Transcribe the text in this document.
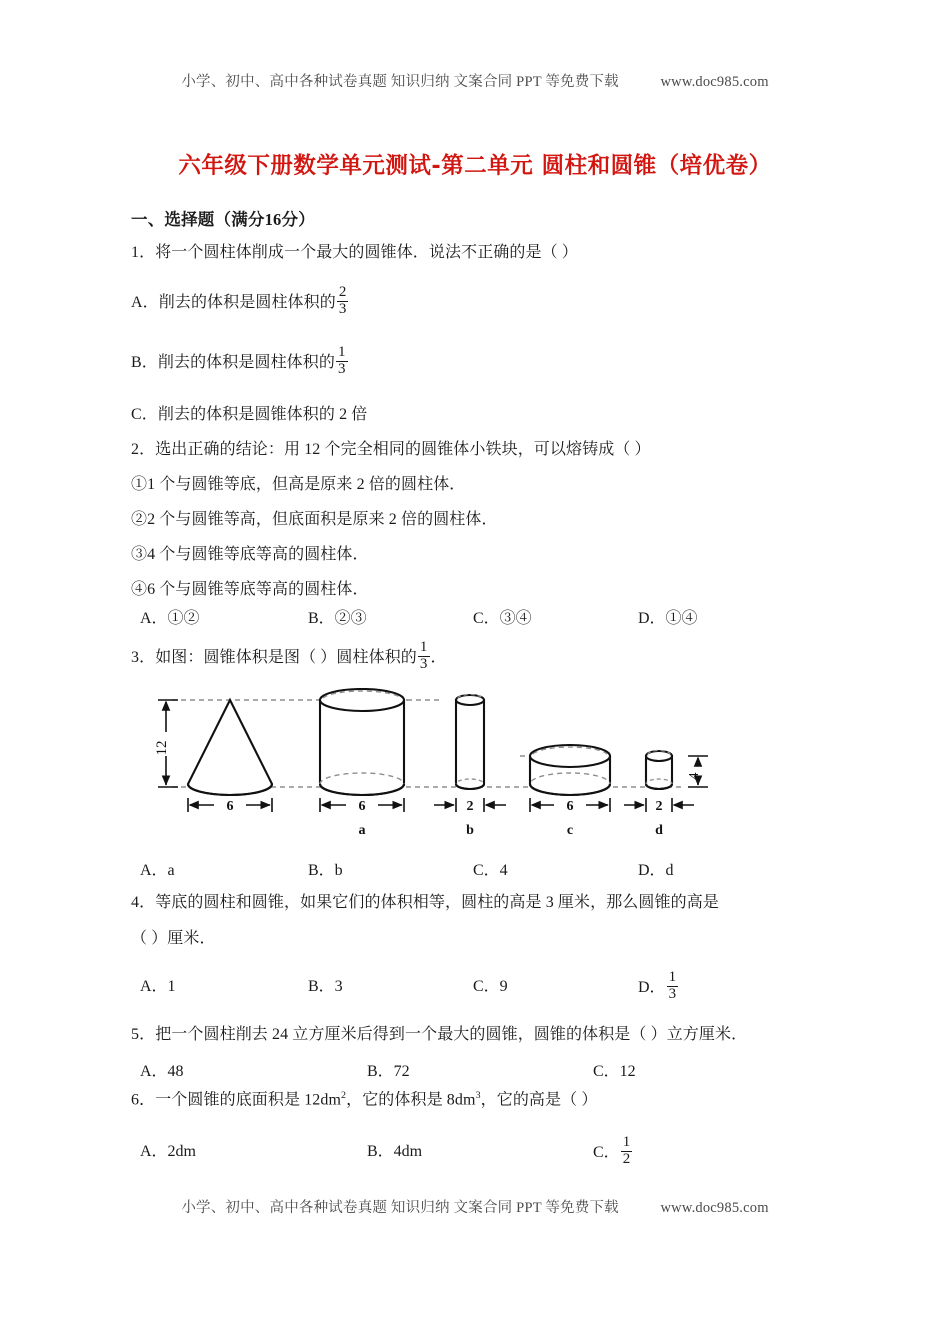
小学、初中、高中各种试卷真题 知识归纳 文案合同 PPT 等免费下载	www.doc985.com
六年级下册数学单元测试-第二单元 圆柱和圆锥（培优卷）
一、选择题（满分16分）
1．将一个圆柱体削成一个最大的圆锥体．说法不正确的是（ ）
A．削去的体积是圆柱体积的 $\frac{2}{3}$
B．削去的体积是圆柱体积的 $\frac{1}{3}$
C．削去的体积是圆锥体积的 2 倍
2．选出正确的结论：用 12 个完全相同的圆锥体小铁块，可以熔铸成（ ）
①1 个与圆锥等底，但高是原来 2 倍的圆柱体．
②2 个与圆锥等高，但底面积是原来 2 倍的圆柱体．
③4 个与圆锥等底等高的圆柱体．
④6 个与圆锥等底等高的圆柱体．
A．①②	B．②③	C．③④	D．①④
3．如图：圆锥体积是图（ ）圆柱体积的 $\frac{1}{3}$ ．
12
6	6
a
2
b
6
c
2
d
4
A．a	B．b	C．4	D．d
4．等底的圆柱和圆锥，如果它们的体积相等，圆柱的高是 3 厘米，那么圆锥的高是
（ ）厘米．
A．1	B．3	C．9	D． $\frac{1}{3}$
5．把一个圆柱削去 24 立方厘米后得到一个最大的圆锥，圆锥的体积是（ ）立方厘米．
A．48	B．72	C．12
6．一个圆锥的底面积是 $12dm^2$，它的体积是 $8dm^3$，它的高是（ ）
A．2dm	B．4dm	C． $\frac{1}{2}$
小学、初中、高中各种试卷真题 知识归纳 文案合同 PPT 等免费下载	www.doc985.com
